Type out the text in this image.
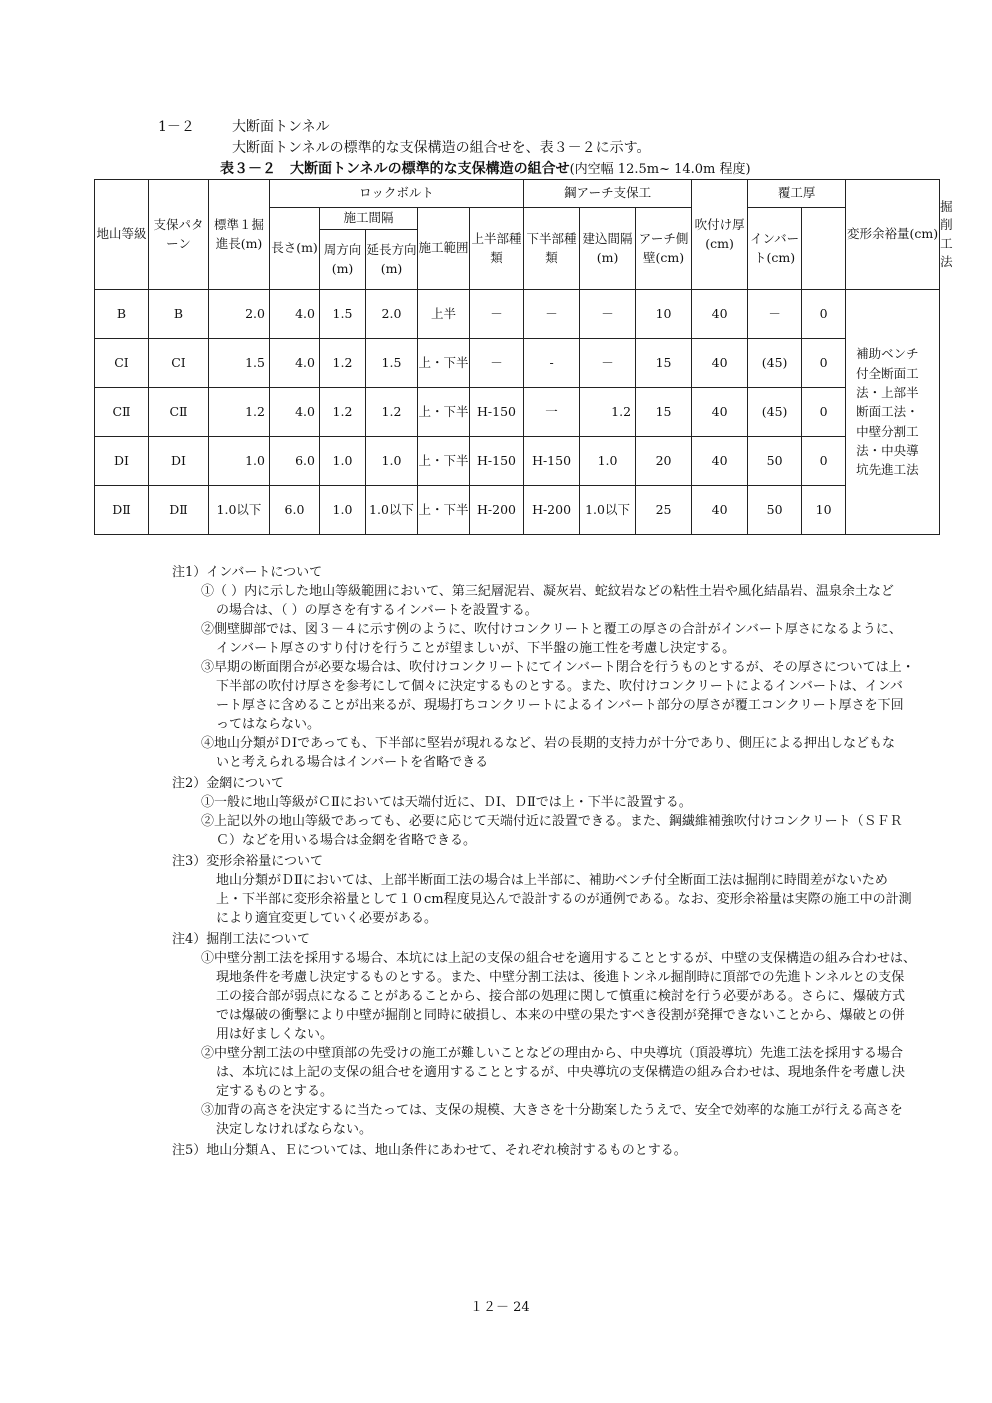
1－２	大断面トンネル
大断面トンネルの標準的な支保構造の組合せを、表３－２に示す。
表３－２　大断面トンネルの標準的な支保構造の組合せ(内空幅 12.5m~ 14.0m 程度)
地山等級	支保パターン	標準１掘進長(m)	ロックボルト					鋼アーチ支保工			吹付け厚(cm)	覆工厚		変形余裕量(cm)	掘削工法
			長さ(m)	施工間隔		施工範囲	上半部種類	下半部種類	建込間隔(m)	アーチ側壁(cm)		インバート(cm)			
				周方向(m)	延長方向(m)										
B	B	2.0	4.0	1.5	2.0	上半	－	－	－	10	40	－	0	補助ベンチ付全断面工法・上部半断面工法・中壁分割工法・中央導坑先進工法	

CⅠ	CⅠ	1.5	4.0	1.2	1.5	上・下半	－	-	－	15	40	(45)	0		
CⅡ	CⅡ	1.2	4.0	1.2	1.2	上・下半	H-150	一	1.2	15	40	(45)	0		
DⅠ	DⅠ	1.0	6.0	1.0	1.0	上・下半	H-150	H-150	1.0	20	40	50	0		
DⅡ	DⅡ	1.0以下	6.0	1.0	1.0以下	上・下半	H-200	H-200	1.0以下	25	40	50	10		
注1）インバートについて
①（ ）内に示した地山等級範囲において、第三紀層泥岩、凝灰岩、蛇紋岩などの粘性土岩や風化結晶岩、温泉余土など
の場合は、（ ）の厚さを有するインバートを設置する。
②側壁脚部では、図３－４に示す例のように、吹付けコンクリートと覆工の厚さの合計がインバート厚さになるように、
インバート厚さのすり付けを行うことが望ましいが、下半盤の施工性を考慮し決定する。
③早期の断面閉合が必要な場合は、吹付けコンクリートにてインバート閉合を行うものとするが、その厚さについては上・
下半部の吹付け厚さを参考にして個々に決定するものとする。また、吹付けコンクリートによるインバートは、インバ
ート厚さに含めることが出来るが、現場打ちコンクリートによるインバート部分の厚さが覆工コンクリート厚さを下回
ってはならない。
④地山分類がＤⅠであっても、下半部に堅岩が現れるなど、岩の長期的支持力が十分であり、側圧による押出しなどもな
いと考えられる場合はインバートを省略できる
注2）金網について
①一般に地山等級がＣⅡにおいては天端付近に、ＤⅠ、ＤⅡでは上・下半に設置する。
②上記以外の地山等級であっても、必要に応じて天端付近に設置できる。また、鋼繊維補強吹付けコンクリート（ＳＦＲ
Ｃ）などを用いる場合は金網を省略できる。
注3）変形余裕量について
地山分類がＤⅡにおいては、上部半断面工法の場合は上半部に、補助ベンチ付全断面工法は掘削に時間差がないため
上・下半部に変形余裕量として１０cm程度見込んで設計するのが通例である。なお、変形余裕量は実際の施工中の計測
により適宜変更していく必要がある。
注4）掘削工法について
①中壁分割工法を採用する場合、本坑には上記の支保の組合せを適用することとするが、中壁の支保構造の組み合わせは、
現地条件を考慮し決定するものとする。また、中壁分割工法は、後進トンネル掘削時に頂部での先進トンネルとの支保
工の接合部が弱点になることがあることから、接合部の処理に関して慎重に検討を行う必要がある。さらに、爆破方式
では爆破の衝撃により中壁が掘削と同時に破損し、本来の中壁の果たすべき役割が発揮できないことから、爆破との併
用は好ましくない。
②中壁分割工法の中壁頂部の先受けの施工が難しいことなどの理由から、中央導坑（頂設導坑）先進工法を採用する場合
は、本坑には上記の支保の組合せを適用することとするが、中央導坑の支保構造の組み合わせは、現地条件を考慮し決
定するものとする。
③加背の高さを決定するに当たっては、支保の規模、大きさを十分勘案したうえで、安全で効率的な施工が行える高さを
決定しなければならない。
注5）地山分類Ａ、Ｅについては、地山条件にあわせて、それぞれ検討するものとする。
１２－ 24
